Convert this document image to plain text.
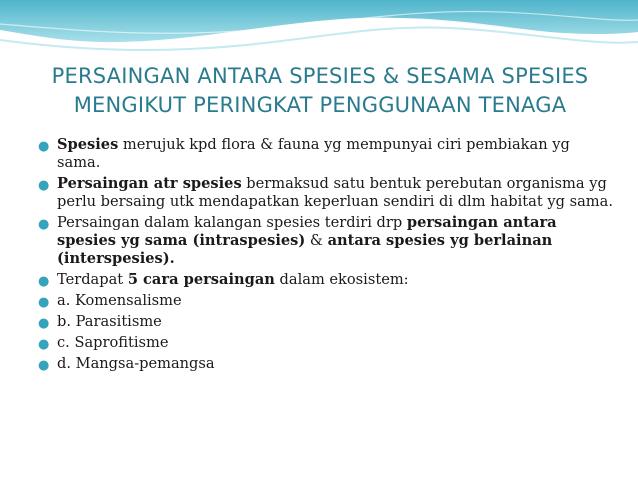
PERSAINGAN ANTARA SPESIES & SESAMA SPESIES
MENGIKUT PERINGKAT PENGGUNAAN TENAGA
● Spesies merujuk kpd flora & fauna yg mempunyai ciri pembiakan yg sama.
● Persaingan atr spesies bermaksud satu bentuk perebutan organisma yg perlu bersaing utk mendapatkan keperluan sendiri di dlm habitat yg sama.
● Persaingan dalam kalangan spesies terdiri drp persaingan antara spesies yg sama (intraspesies) & antara spesies yg berlainan (interspesies).
● Terdapat 5 cara persaingan dalam ekosistem:
● a. Komensalisme
● b. Parasitisme
● c. Saprofitisme
● d. Mangsa-pemangsa
